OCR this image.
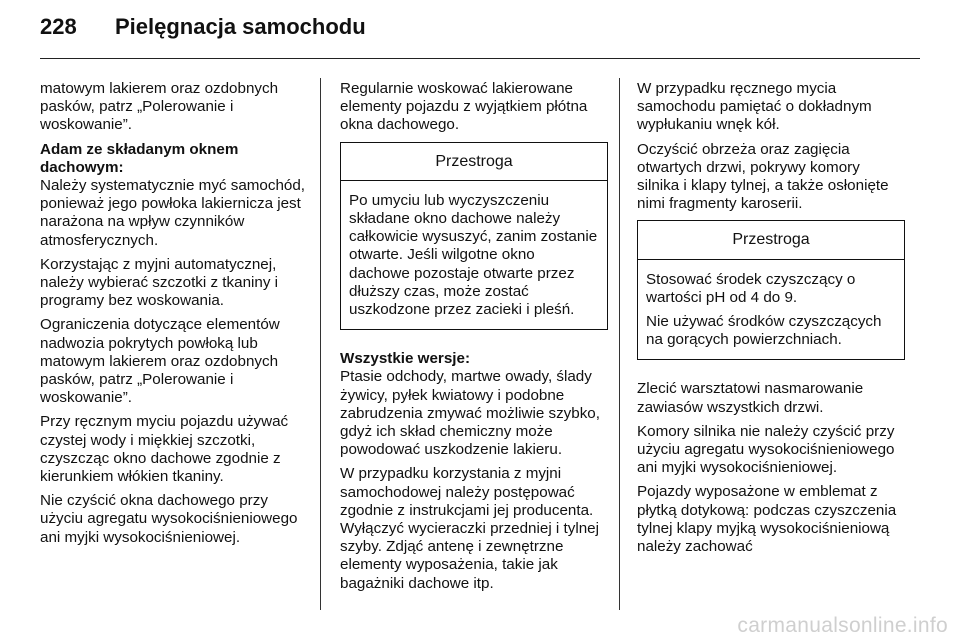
228	Pielęgnacja samochodu

matowym lakierem oraz ozdobnych pasków, patrz „Polerowanie i woskowanie”.

Adam ze składanym oknem dachowym:

Należy systematycznie myć samochód, ponieważ jego powłoka lakiernicza jest narażona na wpływ czynników atmosferycznych.

Korzystając z myjni automatycznej, należy wybierać szczotki z tkaniny i programy bez woskowania.

Ograniczenia dotyczące elementów nadwozia pokrytych powłoką lub matowym lakierem oraz ozdobnych pasków, patrz „Polerowanie i woskowanie”.

Przy ręcznym myciu pojazdu używać czystej wody i miękkiej szczotki, czyszcząc okno dachowe zgodnie z kierunkiem włókien tkaniny.

Nie czyścić okna dachowego przy użyciu agregatu wysokociśnieniowego ani myjki wysokociśnieniowej.

Regularnie woskować lakierowane elementy pojazdu z wyjątkiem płótna okna dachowego.

Przestroga

Po umyciu lub wyczyszczeniu składane okno dachowe należy całkowicie wysuszyć, zanim zostanie otwarte. Jeśli wilgotne okno dachowe pozostaje otwarte przez dłuższy czas, może zostać uszkodzone przez zacieki i pleśń.

Wszystkie wersje:

Ptasie odchody, martwe owady, ślady żywicy, pyłek kwiatowy i podobne zabrudzenia zmywać możliwie szybko, gdyż ich skład chemiczny może powodować uszkodzenie lakieru.

W przypadku korzystania z myjni samochodowej należy postępować zgodnie z instrukcjami jej producenta. Wyłączyć wycieraczki przedniej i tylnej szyby. Zdjąć antenę i zewnętrzne elementy wyposażenia, takie jak bagażniki dachowe itp.

W przypadku ręcznego mycia samochodu pamiętać o dokładnym wypłukaniu wnęk kół.

Oczyścić obrzeża oraz zagięcia otwartych drzwi, pokrywy komory silnika i klapy tylnej, a także osłonięte nimi fragmenty karoserii.

Przestroga

Stosować środek czyszczący o wartości pH od 4 do 9.

Nie używać środków czyszczących na gorących powierzchniach.

Zlecić warsztatowi nasmarowanie zawiasów wszystkich drzwi.

Komory silnika nie należy czyścić przy użyciu agregatu wysokociśnieniowego ani myjki wysokociśnieniowej.

Pojazdy wyposażone w emblemat z płytką dotykową: podczas czyszczenia tylnej klapy myjką wysokociśnieniową należy zachować

carmanualsonline.info
